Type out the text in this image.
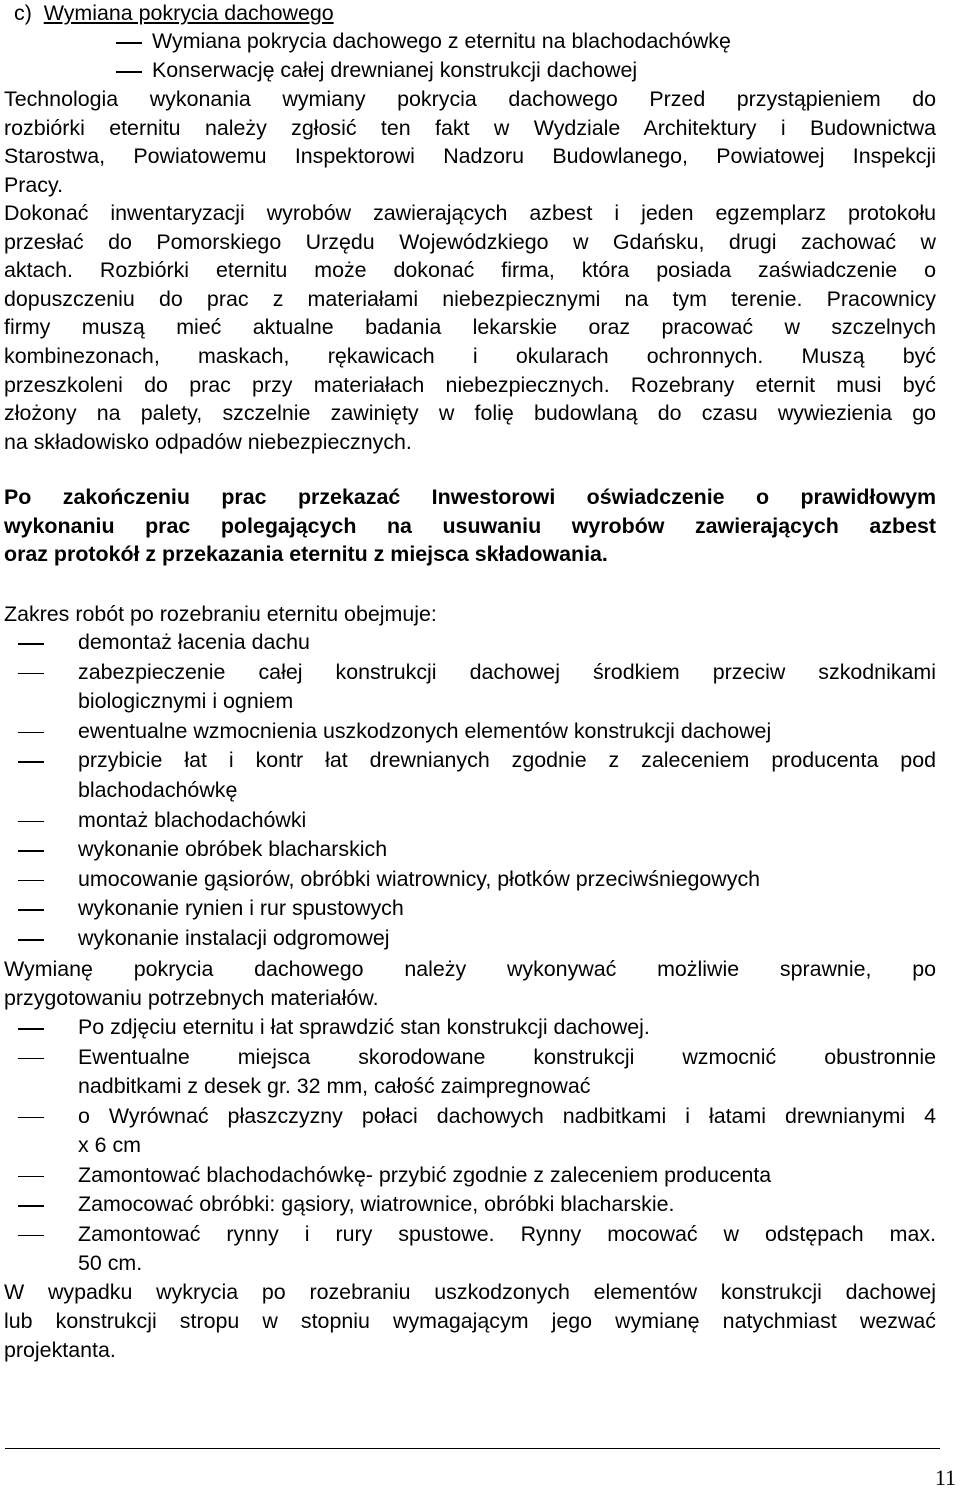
c) Wymiana pokrycia dachowego
Wymiana pokrycia dachowego z eternitu na blachodachówkę
Konserwację całej drewnianej konstrukcji dachowej
Technologia wykonania wymiany pokrycia dachowego Przed przystąpieniem do
rozbiórki eternitu należy zgłosić ten fakt w Wydziale Architektury i Budownictwa
Starostwa, Powiatowemu Inspektorowi Nadzoru Budowlanego, Powiatowej Inspekcji
Pracy.
Dokonać inwentaryzacji wyrobów zawierających azbest i jeden egzemplarz protokołu
przesłać do Pomorskiego Urzędu Wojewódzkiego w Gdańsku, drugi zachować w
aktach. Rozbiórki eternitu może dokonać firma, która posiada zaświadczenie o
dopuszczeniu do prac z materiałami niebezpiecznymi na tym terenie. Pracownicy
firmy muszą mieć aktualne badania lekarskie oraz pracować w szczelnych
kombinezonach, maskach, rękawicach i okularach ochronnych. Muszą być
przeszkoleni do prac przy materiałach niebezpiecznych. Rozebrany eternit musi być
złożony na palety, szczelnie zawinięty w folię budowlaną do czasu wywiezienia go
na składowisko odpadów niebezpiecznych.
Po zakończeniu prac przekazać Inwestorowi oświadczenie o prawidłowym
wykonaniu prac polegających na usuwaniu wyrobów zawierających azbest
oraz protokół z przekazania eternitu z miejsca składowania.
Zakres robót po rozebraniu eternitu obejmuje:
demontaż łacenia dachu
zabezpieczenie całej konstrukcji dachowej środkiem przeciw szkodnikami
biologicznymi i ogniem
ewentualne wzmocnienia uszkodzonych elementów konstrukcji dachowej
przybicie łat i kontr łat drewnianych zgodnie z zaleceniem producenta pod
blachodachówkę
montaż blachodachówki
wykonanie obróbek blacharskich
umocowanie gąsiorów, obróbki wiatrownicy, płotków przeciwśniegowych
wykonanie rynien i rur spustowych
wykonanie instalacji odgromowej
Wymianę pokrycia dachowego należy wykonywać możliwie sprawnie, po
przygotowaniu potrzebnych materiałów.
Po zdjęciu eternitu i łat sprawdzić stan konstrukcji dachowej.
Ewentualne miejsca skorodowane konstrukcji wzmocnić obustronnie
nadbitkami z desek gr. 32 mm, całość zaimpregnować
o Wyrównać płaszczyzny połaci dachowych nadbitkami i łatami drewnianymi 4
x 6 cm
Zamontować blachodachówkę- przybić zgodnie z zaleceniem producenta
Zamocować obróbki: gąsiory, wiatrownice, obróbki blacharskie.
Zamontować rynny i rury spustowe. Rynny mocować w odstępach max.
50 cm.
W wypadku wykrycia po rozebraniu uszkodzonych elementów konstrukcji dachowej
lub konstrukcji stropu w stopniu wymagającym jego wymianę natychmiast wezwać
projektanta.
11
